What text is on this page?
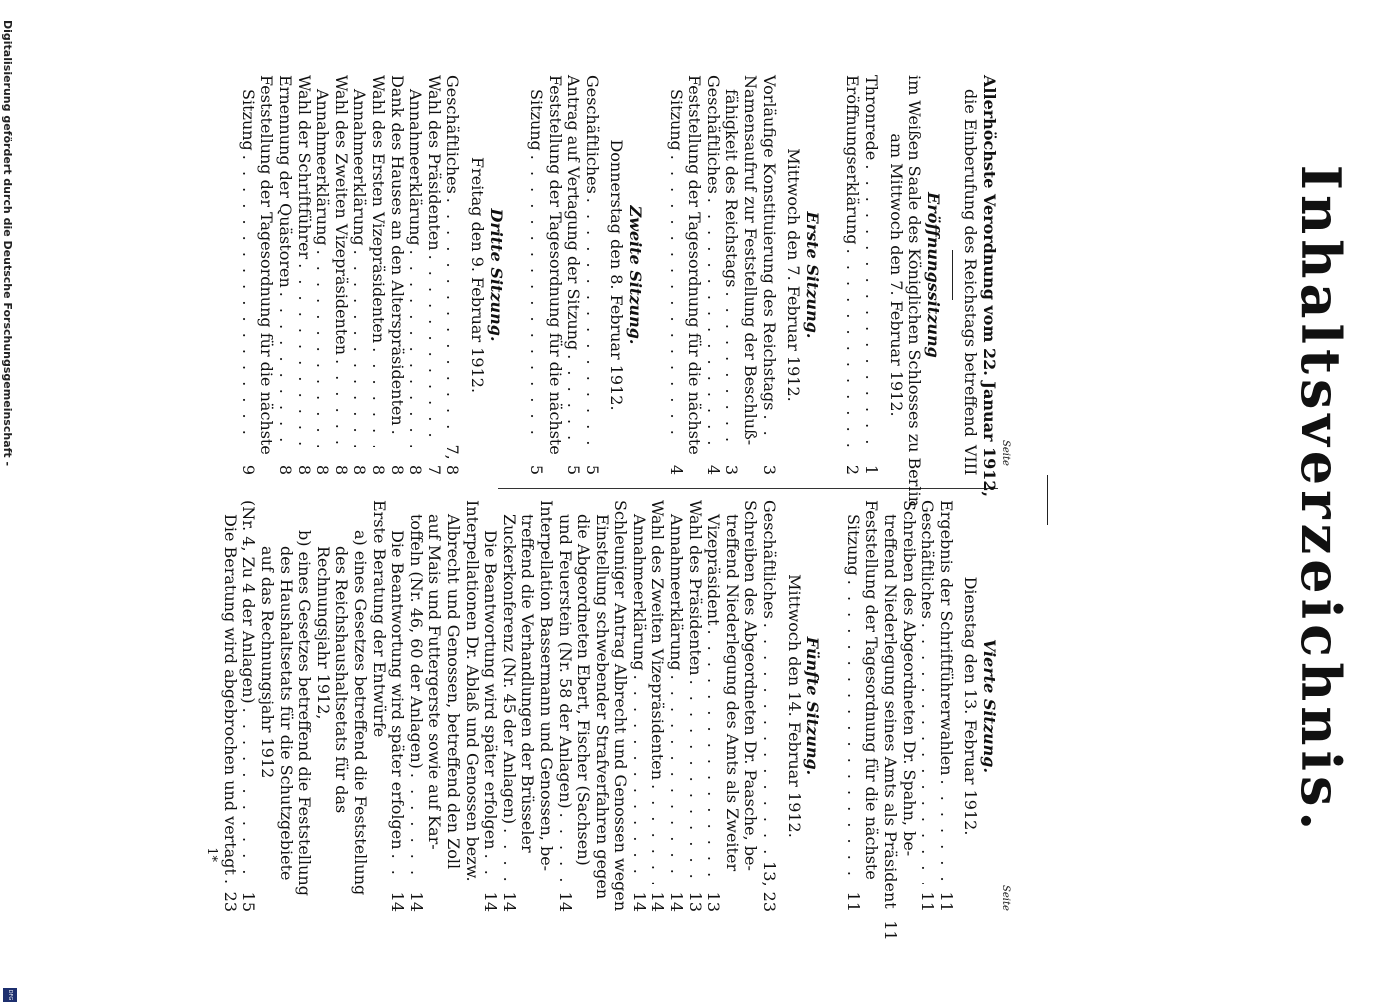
Inhaltsverzeichnis.
Seite
Seite
Allerhöchste Verordnung vom 22. Januar 1912,
die Einberufung des Reichstags betreffend
VIII
Eröffnungssitzung
im Weißen Saale des Königlichen Schlosses zu Berlin
am Mittwoch den 7. Februar 1912.
Thronrede
. . .
1
Eröffnungserklärung
. . .
2
Erste Sitzung.
Mittwoch den 7. Februar 1912.
Vorläufige Konstituierung des Reichstags
. . .
3
Namensaufruf zur Feststellung der Beschluß-
fähigkeit des Reichstags
. . .
3
Geschäftliches
. . .
4
Feststellung der Tagesordnung für die nächste
Sitzung
. . .
4
Zweite Sitzung.
Donnerstag den 8. Februar 1912.
Geschäftliches
. . .
5
Antrag auf Vertagung der Sitzung
. . .
5
Feststellung der Tagesordnung für die nächste
Sitzung
. . .
5
Dritte Sitzung.
Freitag den 9. Februar 1912.
Geschäftliches
. . .
7, 8
Wahl des Präsidenten
. . .
7
Annahmeerklärung
. . .
8
Dank des Hauses an den Alterspräsidenten
. . .
8
Wahl des Ersten Vizepräsidenten
. . .
8
Annahmeerklärung
. . .
8
Wahl des Zweiten Vizepräsidenten
. . .
8
Annahmeerklärung
. . .
8
Wahl der Schriftführer
. . .
8
Ernennung der Quästoren
. . .
8
Feststellung der Tagesordnung für die nächste
Sitzung
. . .
9
Vierte Sitzung.
Dienstag den 13. Februar 1912.
Ergebnis der Schriftführerwahlen
. . .
11
Geschäftliches
. . .
11
Schreiben des Abgeordneten Dr. Spahn, be-
treffend Niederlegung seines Amts als Präsident
11
Feststellung der Tagesordnung für die nächste
Sitzung
. . .
11
Fünfte Sitzung.
Mittwoch den 14. Februar 1912.
Geschäftliches
. . .
13, 23
Schreiben des Abgeordneten Dr. Paasche, be-
treffend Niederlegung des Amts als Zweiter
Vizepräsident
. . .
13
Wahl des Präsidenten
. . .
13
Annahmeerklärung
. . .
14
Wahl des Zweiten Vizepräsidenten
. . .
14
Annahmeerklärung
. . .
14
Schleuniger Antrag Albrecht und Genossen wegen
Einstellung schwebender Strafverfahren gegen
die Abgeordneten Ebert, Fischer (Sachsen)
und Feuerstein (Nr. 58 der Anlagen)
. . .
14
Interpellation Bassermann und Genossen, be-
treffend die Verhandlungen der Brüsseler
Zuckerkonferenz (Nr. 45 der Anlagen)
. . .
14
Die Beantwortung wird später erfolgen
. . .
14
Interpellationen Dr. Ablaß und Genossen bezw.
Albrecht und Genossen, betreffend den Zoll
auf Mais und Futtergerste sowie auf Kar-
toffeln (Nr. 46, 60 der Anlagen)
. . .
14
Die Beantwortung wird später erfolgen
. . .
14
Erste Beratung der Entwürfe
a) eines Gesetzes betreffend die Feststellung
des Reichshaushaltsetats für das
Rechnungsjahr 1912,
b) eines Gesetzes betreffend die Feststellung
des Haushaltsetats für die Schutzgebiete
auf das Rechnungsjahr 1912
(Nr. 4, Zu 4 der Anlagen)
. . .
15
Die Beratung wird abgebrochen und vertagt
. . .
23
1*
Digitalisierung gefördert durch die Deutsche Forschungsgemeinschaft -
DFG
